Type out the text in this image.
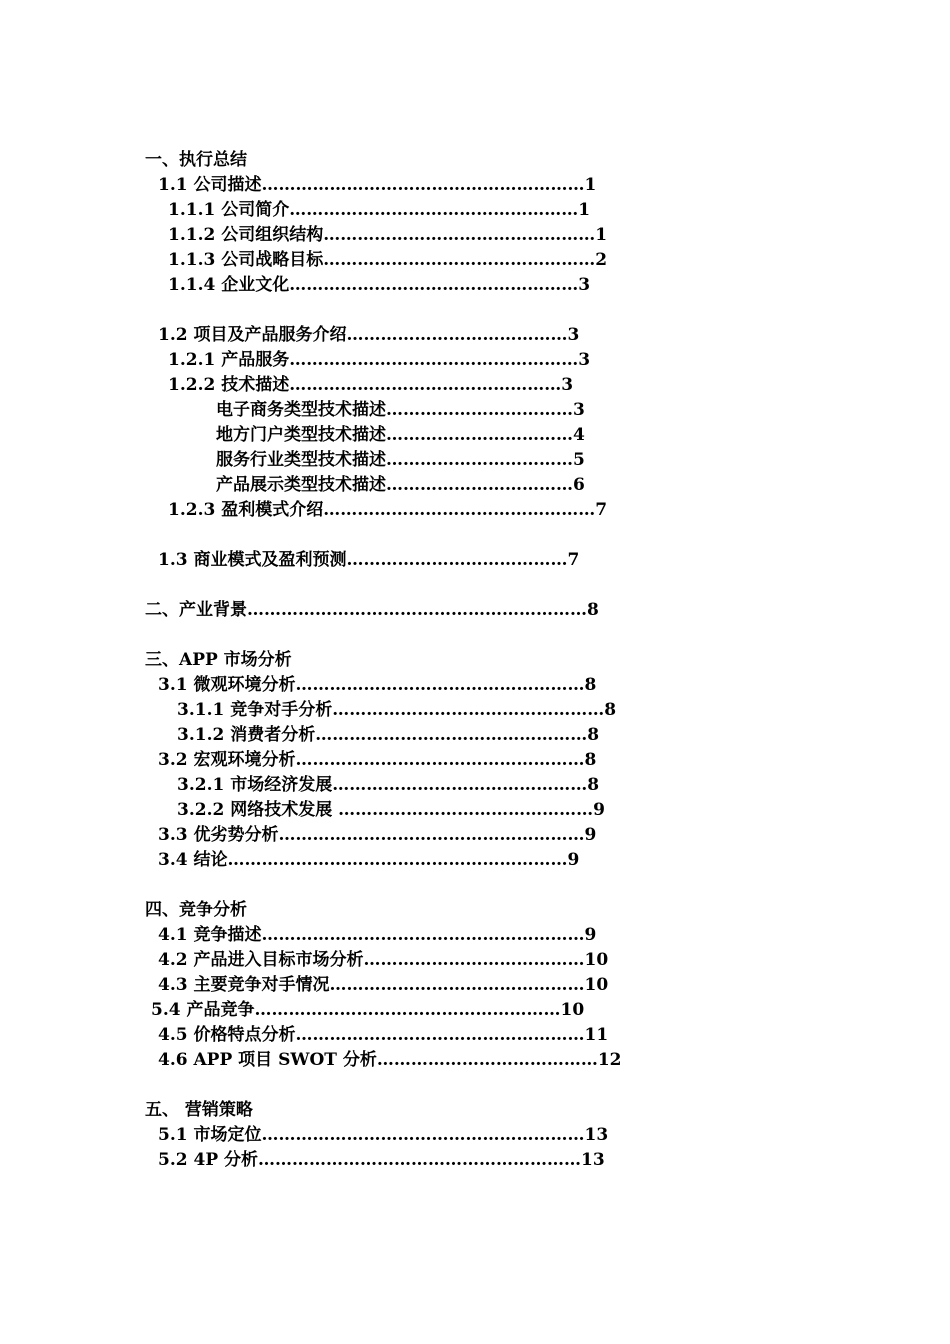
一、执行总结
1.1 公司描述…………………………………………………1
1.1.1 公司简介……………………………………………1
1.1.2 公司组织结构…………………………………………1
1.1.3 公司战略目标…………………………………………2
1.1.4 企业文化……………………………………………3
1.2 项目及产品服务介绍…………………………………3
1.2.1 产品服务……………………………………………3
1.2.2 技术描述…………………………………………3
电子商务类型技术描述……………………………3
地方门户类型技术描述……………………………4
服务行业类型技术描述……………………………5
产品展示类型技术描述……………………………6
1.2.3 盈利模式介绍…………………………………………7
1.3 商业模式及盈利预测…………………………………7
二、产业背景……………………………………………………8
三、APP 市场分析
3.1 微观环境分析……………………………………………8
3.1.1 竞争对手分析…………………………………………8
3.1.2 消费者分析…………………………………………8
3.2 宏观环境分析……………………………………………8
3.2.1 市场经济发展………………………………………8
3.2.2 网络技术发展 ………………………………………9
3.3 优劣势分析………………………………………………9
3.4 结论……………………………………………………9
四、竞争分析
4.1 竞争描述…………………………………………………9
4.2 产品进入目标市场分析…………………………………10
4.3 主要竞争对手情况………………………………………10
5.4 产品竞争………………………………………………10
4.5 价格特点分析……………………………………………11
4.6 APP 项目 SWOT 分析…………………………………12
五、 营销策略
5.1 市场定位…………………………………………………13
5.2 4P 分析…………………………………………………13
